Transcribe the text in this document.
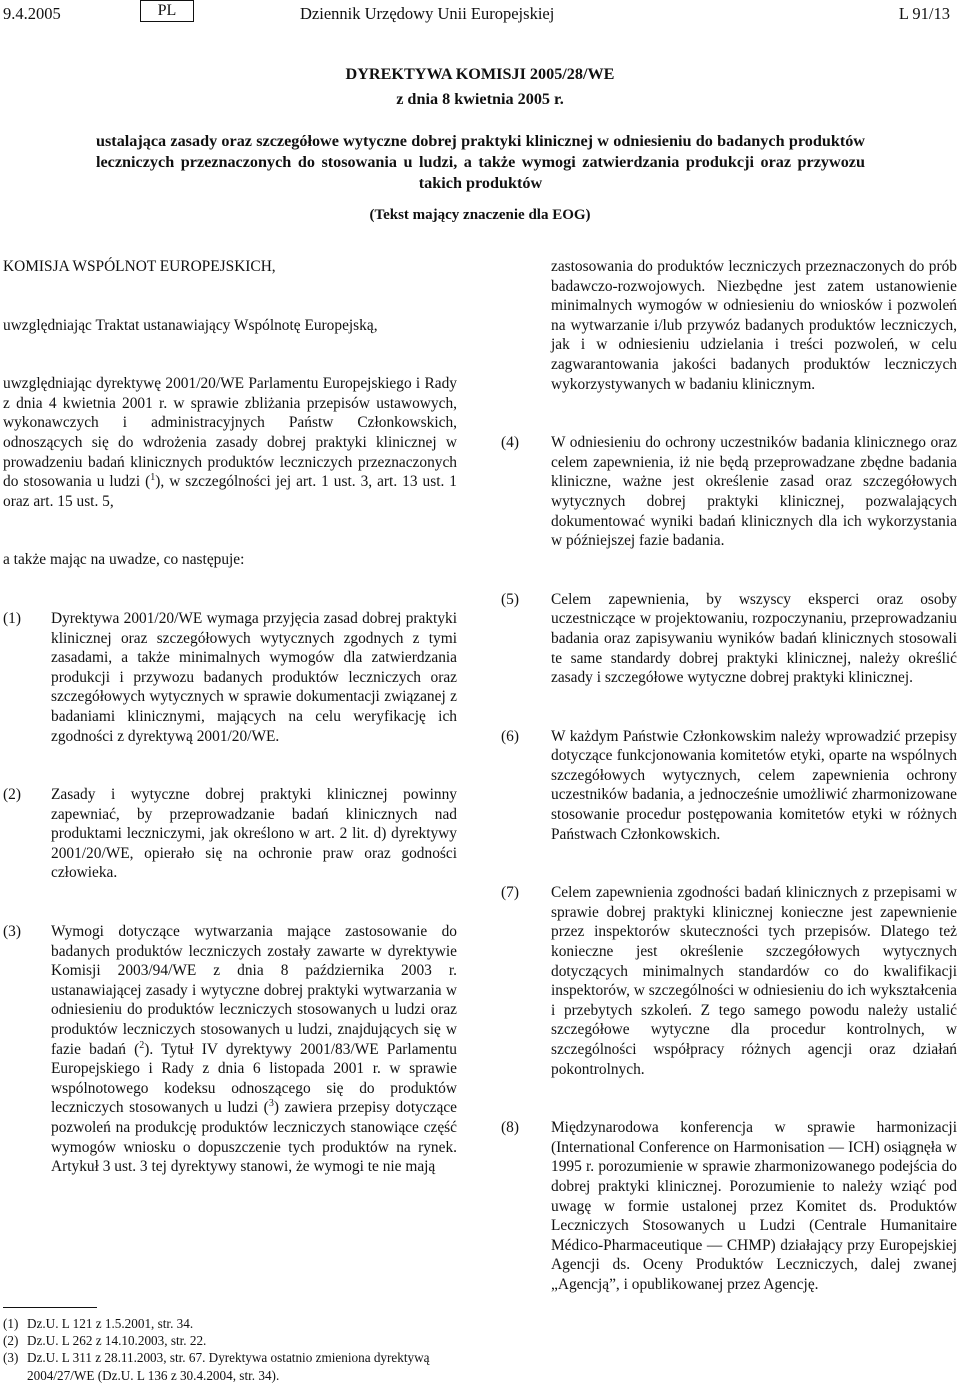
9.4.2005	PL	Dziennik Urzędowy Unii Europejskiej	L 91/13
DYREKTYWA KOMISJI 2005/28/WE
z dnia 8 kwietnia 2005 r.
ustalająca zasady oraz szczegółowe wytyczne dobrej praktyki klinicznej w odniesieniu do badanych produktów leczniczych przeznaczonych do stosowania u ludzi, a także wymogi zatwierdzania produkcji oraz przywozu takich produktów
(Tekst mający znaczenie dla EOG)

KOMISJA WSPÓLNOT EUROPEJSKICH,

uwzględniając Traktat ustanawiający Wspólnotę Europejską,

uwzględniając dyrektywę 2001/20/WE Parlamentu Europejskiego i Rady z dnia 4 kwietnia 2001 r. w sprawie zbliżania przepisów ustawowych, wykonawczych i administracyjnych Państw Członkowskich, odnoszących się do wdrożenia zasady dobrej praktyki klinicznej w prowadzeniu badań klinicznych produktów leczniczych przeznaczonych do stosowania u ludzi ($^1$), w szczególności jej art. 1 ust. 3, art. 13 ust. 1 oraz art. 15 ust. 5,

a także mając na uwadze, co następuje:

(1)	Dyrektywa 2001/20/WE wymaga przyjęcia zasad dobrej praktyki klinicznej oraz szczegółowych wytycznych zgodnych z tymi zasadami, a także minimalnych wymogów dla zatwierdzania produkcji i przywozu badanych produktów leczniczych oraz szczegółowych wytycznych w sprawie dokumentacji związanej z badaniami klinicznymi, mających na celu weryfikację ich zgodności z dyrektywą 2001/20/WE.
(2)	Zasady i wytyczne dobrej praktyki klinicznej powinny zapewniać, by przeprowadzanie badań klinicznych nad produktami leczniczymi, jak określono w art. 2 lit. d) dyrektywy 2001/20/WE, opierało się na ochronie praw oraz godności człowieka.
(3)	Wymogi dotyczące wytwarzania mające zastosowanie do badanych produktów leczniczych zostały zawarte w dyrektywie Komisji 2003/94/WE z dnia 8 października 2003 r. ustanawiającej zasady i wytyczne dobrej praktyki wytwarzania w odniesieniu do produktów leczniczych stosowanych u ludzi oraz produktów leczniczych stosowanych u ludzi, znajdujących się w fazie badań ($^2$). Tytuł IV dyrektywy 2001/83/WE Parlamentu Europejskiego i Rady z dnia 6 listopada 2001 r. w sprawie wspólnotowego kodeksu odnoszącego się do produktów leczniczych stosowanych u ludzi ($^3$) zawiera przepisy dotyczące pozwoleń na produkcję produktów leczniczych stanowiące część wymogów wniosku o dopuszczenie tych produktów na rynek. Artykuł 3 ust. 3 tej dyrektywy stanowi, że wymogi te nie mają
(1) Dz.U. L 121 z 1.5.2001, str. 34.
(2) Dz.U. L 262 z 14.10.2003, str. 22.
(3) Dz.U. L 311 z 28.11.2003, str. 67. Dyrektywa ostatnio zmieniona dyrektywą 2004/27/WE (Dz.U. L 136 z 30.4.2004, str. 34).
zastosowania do produktów leczniczych przeznaczonych do prób badawczo-rozwojowych. Niezbędne jest zatem ustanowienie minimalnych wymogów w odniesieniu do wniosków i pozwoleń na wytwarzanie i/lub przywóz badanych produktów leczniczych, jak i w odniesieniu udzielania i treści pozwoleń, w celu zagwarantowania jakości badanych produktów leczniczych wykorzystywanych w badaniu klinicznym.
(4)	W odniesieniu do ochrony uczestników badania klinicznego oraz celem zapewnienia, iż nie będą przeprowadzane zbędne badania kliniczne, ważne jest określenie zasad oraz szczegółowych wytycznych dobrej praktyki klinicznej, pozwalających dokumentować wyniki badań klinicznych dla ich wykorzystania w późniejszej fazie badania.
(5)	Celem zapewnienia, by wszyscy eksperci oraz osoby uczestniczące w projektowaniu, rozpoczynaniu, przeprowadzaniu badania oraz zapisywaniu wyników badań klinicznych stosowali te same standardy dobrej praktyki klinicznej, należy określić zasady i szczegółowe wytyczne dobrej praktyki klinicznej.
(6)	W każdym Państwie Członkowskim należy wprowadzić przepisy dotyczące funkcjonowania komitetów etyki, oparte na wspólnych szczegółowych wytycznych, celem zapewnienia ochrony uczestników badania, a jednocześnie umożliwić zharmonizowane stosowanie procedur postępowania komitetów etyki w różnych Państwach Członkowskich.
(7)	Celem zapewnienia zgodności badań klinicznych z przepisami w sprawie dobrej praktyki klinicznej konieczne jest zapewnienie przez inspektorów skuteczności tych przepisów. Dlatego też konieczne jest określenie szczegółowych wytycznych dotyczących minimalnych standardów co do kwalifikacji inspektorów, w szczególności w odniesieniu do ich wykształcenia i przebytych szkoleń. Z tego samego powodu należy ustalić szczegółowe wytyczne dla procedur kontrolnych, w szczególności współpracy różnych agencji oraz działań pokontrolnych.
(8)	Międzynarodowa konferencja w sprawie harmonizacji (International Conference on Harmonisation — ICH) osiągnęła w 1995 r. porozumienie w sprawie zharmonizowanego podejścia do dobrej praktyki klinicznej. Porozumienie to należy wziąć pod uwagę w formie ustalonej przez Komitet ds. Produktów Leczniczych Stosowanych u Ludzi (Centrale Humanitaire Médico-Pharmaceutique — CHMP) działający przy Europejskiej Agencji ds. Oceny Produktów Leczniczych, dalej zwanej „Agencją”, i opublikowanej przez Agencję.
